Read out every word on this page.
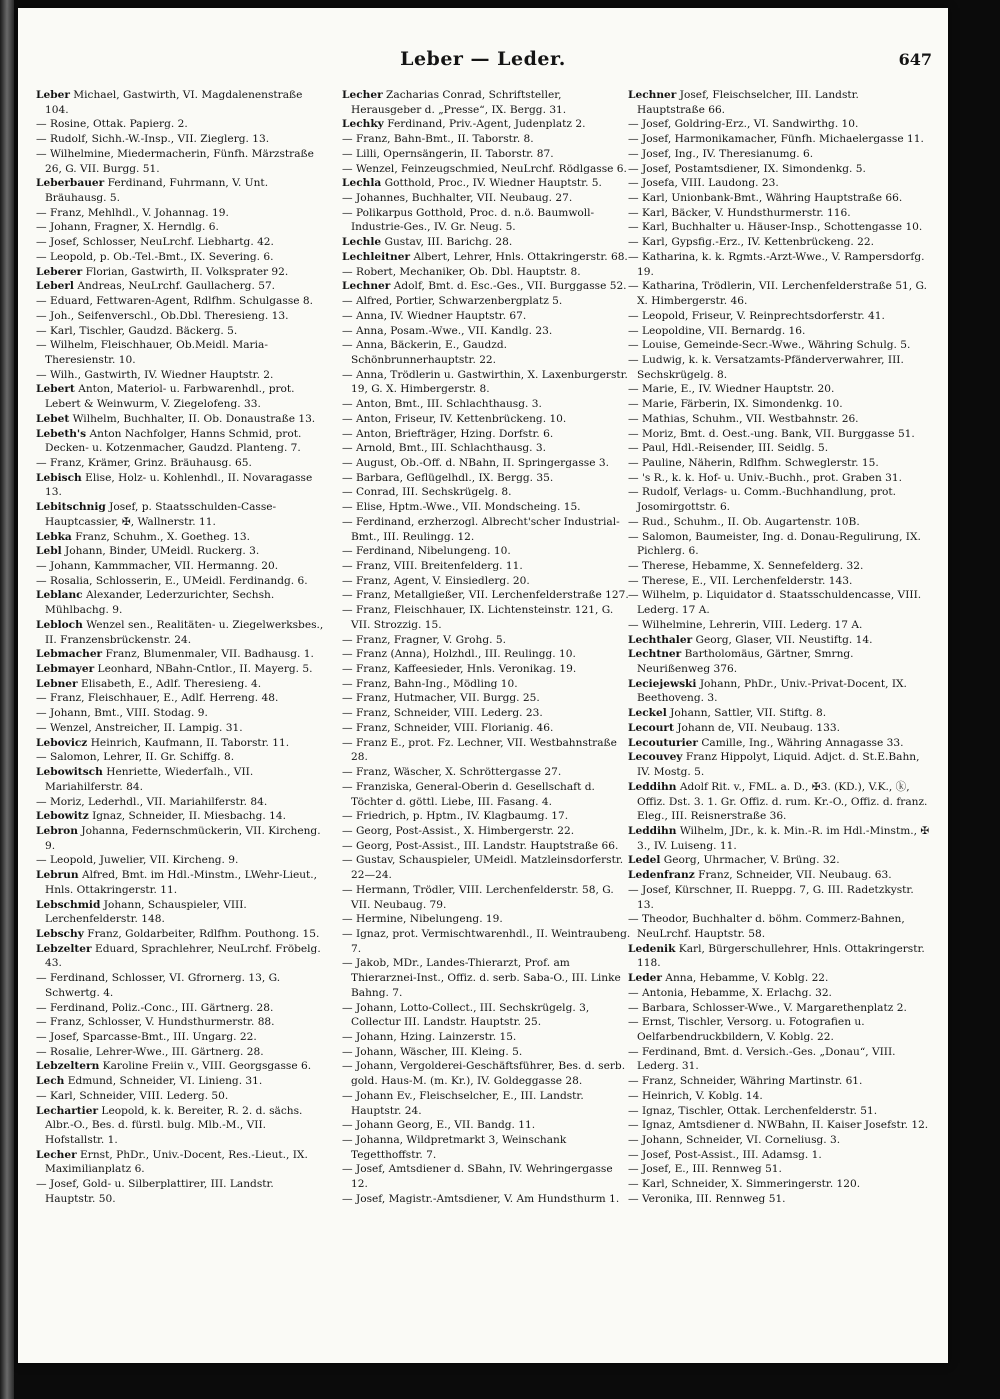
Leber — Leder.	647

Leber Michael, Gastwirth, VI. Magdalenenstraße 104.

— Rosine, Ottak. Papierg. 2.

— Rudolf, Sichh.-W.-Insp., VII. Zieglerg. 13.

— Wilhelmine, Miedermacherin, Fünfh. Märzstraße 26, G. VII. Burgg. 51.

Leberbauer Ferdinand, Fuhrmann, V. Unt. Bräuhausg. 5.

— Franz, Mehlhdl., V. Johannag. 19.

— Johann, Fragner, X. Herndlg. 6.

— Josef, Schlosser, NeuLrchf. Liebhartg. 42.

— Leopold, p. Ob.-Tel.-Bmt., IX. Severing. 6.

Leberer Florian, Gastwirth, II. Volksprater 92.

Leberl Andreas, NeuLrchf. Gaullacherg. 57.

— Eduard, Fettwaren-Agent, Rdlfhm. Schulgasse 8.

— Joh., Seifenverschl., Ob.Dbl. Theresieng. 13.

— Karl, Tischler, Gaudzd. Bäckerg. 5.

— Wilhelm, Fleischhauer, Ob.Meidl. Maria-Theresienstr. 10.

— Wilh., Gastwirth, IV. Wiedner Hauptstr. 2.

Lebert Anton, Materiol- u. Farbwarenhdl., prot. Lebert & Weinwurm, V. Ziegelofeng. 33.

Lebet Wilhelm, Buchhalter, II. Ob. Donaustraße 13.

Lebeth's Anton Nachfolger, Hanns Schmid, prot. Decken- u. Kotzenmacher, Gaudzd. Planteng. 7.

— Franz, Krämer, Grinz. Bräuhausg. 65.

Lebisch Elise, Holz- u. Kohlenhdl., II. Novaragasse 13.

Lebitschnig Josef, p. Staatsschulden-Casse-Hauptcassier, ✠, Wallnerstr. 11.

Lebka Franz, Schuhm., X. Goetheg. 13.

Lebl Johann, Binder, UMeidl. Ruckerg. 3.

— Johann, Kammmacher, VII. Hermanng. 20.

— Rosalia, Schlosserin, E., UMeidl. Ferdinandg. 6.

Leblanc Alexander, Lederzurichter, Sechsh. Mühlbachg. 9.

Lebloch Wenzel sen., Realitäten- u. Ziegelwerksbes., II. Franzensbrückenstr. 24.

Lebmacher Franz, Blumenmaler, VII. Badhausg. 1.

Lebmayer Leonhard, NBahn-Cntlor., II. Mayerg. 5.

Lebner Elisabeth, E., Adlf. Theresieng. 4.

— Franz, Fleischhauer, E., Adlf. Herreng. 48.

— Johann, Bmt., VIII. Stodag. 9.

— Wenzel, Anstreicher, II. Lampig. 31.

Lebovicz Heinrich, Kaufmann, II. Taborstr. 11.

— Salomon, Lehrer, II. Gr. Schiffg. 8.

Lebowitsch Henriette, Wiederfalh., VII. Mariahilferstr. 84.

— Moriz, Lederhdl., VII. Mariahilferstr. 84.

Lebowitz Ignaz, Schneider, II. Miesbachg. 14.

Lebron Johanna, Federnschmückerin, VII. Kircheng. 9.

— Leopold, Juwelier, VII. Kircheng. 9.

Lebrun Alfred, Bmt. im Hdl.-Minstm., LWehr-Lieut., Hnls. Ottakringerstr. 11.

Lebschmid Johann, Schauspieler, VIII. Lerchenfelderstr. 148.

Lebschy Franz, Goldarbeiter, Rdlfhm. Pouthong. 15.

Lebzelter Eduard, Sprachlehrer, NeuLrchf. Fröbelg. 43.

— Ferdinand, Schlosser, VI. Gfrornerg. 13, G. Schwertg. 4.

— Ferdinand, Poliz.-Conc., III. Gärtnerg. 28.

— Franz, Schlosser, V. Hundsthurmerstr. 88.

— Josef, Sparcasse-Bmt., III. Ungarg. 22.

— Rosalie, Lehrer-Wwe., III. Gärtnerg. 28.

Lebzeltern Karoline Freiin v., VIII. Georgsgasse 6.

Lech Edmund, Schneider, VI. Linieng. 31.

— Karl, Schneider, VIII. Lederg. 50.

Lechartier Leopold, k. k. Bereiter, R. 2. d. sächs. Albr.-O., Bes. d. fürstl. bulg. Mlb.-M., VII. Hofstallstr. 1.

Lecher Ernst, PhDr., Univ.-Docent, Res.-Lieut., IX. Maximilianplatz 6.

— Josef, Gold- u. Silberplattirer, III. Landstr. Hauptstr. 50.

Lecher Zacharias Conrad, Schriftsteller, Herausgeber d. „Presse“, IX. Bergg. 31.

Lechky Ferdinand, Priv.-Agent, Judenplatz 2.

— Franz, Bahn-Bmt., II. Taborstr. 8.

— Lilli, Opernsängerin, II. Taborstr. 87.

— Wenzel, Feinzeugschmied, NeuLrchf. Rödlgasse 6.

Lechla Gotthold, Proc., IV. Wiedner Hauptstr. 5.

— Johannes, Buchhalter, VII. Neubaug. 27.

— Polikarpus Gotthold, Proc. d. n.ö. Baumwoll-Industrie-Ges., IV. Gr. Neug. 5.

Lechle Gustav, III. Barichg. 28.

Lechleitner Albert, Lehrer, Hnls. Ottakringerstr. 68.

— Robert, Mechaniker, Ob. Dbl. Hauptstr. 8.

Lechner Adolf, Bmt. d. Esc.-Ges., VII. Burggasse 52.

— Alfred, Portier, Schwarzenbergplatz 5.

— Anna, IV. Wiedner Hauptstr. 67.

— Anna, Posam.-Wwe., VII. Kandlg. 23.

— Anna, Bäckerin, E., Gaudzd. Schönbrunnerhauptstr. 22.

— Anna, Trödlerin u. Gastwirthin, X. Laxenburgerstr. 19, G. X. Himbergerstr. 8.

— Anton, Bmt., III. Schlachthausg. 3.

— Anton, Friseur, IV. Kettenbrückeng. 10.

— Anton, Briefträger, Hzing. Dorfstr. 6.

— Arnold, Bmt., III. Schlachthausg. 3.

— August, Ob.-Off. d. NBahn, II. Springergasse 3.

— Barbara, Geflügelhdl., IX. Bergg. 35.

— Conrad, III. Sechskrügelg. 8.

— Elise, Hptm.-Wwe., VII. Mondscheing. 15.

— Ferdinand, erzherzogl. Albrecht'scher Industrial-Bmt., III. Reulingg. 12.

— Ferdinand, Nibelungeng. 10.

— Franz, VIII. Breitenfelderg. 11.

— Franz, Agent, V. Einsiedlerg. 20.

— Franz, Metallgießer, VII. Lerchenfelderstraße 127.

— Franz, Fleischhauer, IX. Lichtensteinstr. 121, G. VII. Strozzig. 15.

— Franz, Fragner, V. Grohg. 5.

— Franz (Anna), Holzhdl., III. Reulingg. 10.

— Franz, Kaffeesieder, Hnls. Veronikag. 19.

— Franz, Bahn-Ing., Mödling 10.

— Franz, Hutmacher, VII. Burgg. 25.

— Franz, Schneider, VIII. Lederg. 23.

— Franz, Schneider, VIII. Florianig. 46.

— Franz E., prot. Fz. Lechner, VII. Westbahnstraße 28.

— Franz, Wäscher, X. Schröttergasse 27.

— Franziska, General-Oberin d. Gesellschaft d. Töchter d. göttl. Liebe, III. Fasang. 4.

— Friedrich, p. Hptm., IV. Klagbaumg. 17.

— Georg, Post-Assist., X. Himbergerstr. 22.

— Georg, Post-Assist., III. Landstr. Hauptstraße 66.

— Gustav, Schauspieler, UMeidl. Matzleinsdorferstr. 22—24.

— Hermann, Trödler, VIII. Lerchenfelderstr. 58, G. VII. Neubaug. 79.

— Hermine, Nibelungeng. 19.

— Ignaz, prot. Vermischtwarenhdl., II. Weintraubeng. 7.

— Jakob, MDr., Landes-Thierarzt, Prof. am Thierarznei-Inst., Offiz. d. serb. Saba-O., III. Linke Bahng. 7.

— Johann, Lotto-Collect., III. Sechskrügelg. 3, Collectur III. Landstr. Hauptstr. 25.

— Johann, Hzing. Lainzerstr. 15.

— Johann, Wäscher, III. Kleing. 5.

— Johann, Vergolderei-Geschäftsführer, Bes. d. serb. gold. Haus-M. (m. Kr.), IV. Goldeggasse 28.

— Johann Ev., Fleischselcher, E., III. Landstr. Hauptstr. 24.

— Johann Georg, E., VII. Bandg. 11.

— Johanna, Wildpretmarkt 3, Weinschank Tegetthoffstr. 7.

— Josef, Amtsdiener d. SBahn, IV. Wehringergasse 12.

— Josef, Magistr.-Amtsdiener, V. Am Hundsthurm 1.

Lechner Josef, Fleischselcher, III. Landstr. Hauptstraße 66.

— Josef, Goldring-Erz., VI. Sandwirthg. 10.

— Josef, Harmonikamacher, Fünfh. Michaelergasse 11.

— Josef, Ing., IV. Theresianumg. 6.

— Josef, Postamtsdiener, IX. Simondenkg. 5.

— Josefa, VIII. Laudong. 23.

— Karl, Unionbank-Bmt., Währing Hauptstraße 66.

— Karl, Bäcker, V. Hundsthurmerstr. 116.

— Karl, Buchhalter u. Häuser-Insp., Schottengasse 10.

— Karl, Gypsfig.-Erz., IV. Kettenbrückeng. 22.

— Katharina, k. k. Rgmts.-Arzt-Wwe., V. Rampersdorfg. 19.

— Katharina, Trödlerin, VII. Lerchenfelderstraße 51, G. X. Himbergerstr. 46.

— Leopold, Friseur, V. Reinprechtsdorferstr. 41.

— Leopoldine, VII. Bernardg. 16.

— Louise, Gemeinde-Secr.-Wwe., Währing Schulg. 5.

— Ludwig, k. k. Versatzamts-Pfänderverwahrer, III. Sechskrügelg. 8.

— Marie, E., IV. Wiedner Hauptstr. 20.

— Marie, Färberin, IX. Simondenkg. 10.

— Mathias, Schuhm., VII. Westbahnstr. 26.

— Moriz, Bmt. d. Oest.-ung. Bank, VII. Burggasse 51.

— Paul, Hdl.-Reisender, III. Seidlg. 5.

— Pauline, Näherin, Rdlfhm. Schweglerstr. 15.

— 's R., k. k. Hof- u. Univ.-Buchh., prot. Graben 31.

— Rudolf, Verlags- u. Comm.-Buchhandlung, prot. Josomirgottstr. 6.

— Rud., Schuhm., II. Ob. Augartenstr. 10B.

— Salomon, Baumeister, Ing. d. Donau-Regulirung, IX. Pichlerg. 6.

— Therese, Hebamme, X. Sennefelderg. 32.

— Therese, E., VII. Lerchenfelderstr. 143.

— Wilhelm, p. Liquidator d. Staatsschuldencasse, VIII. Lederg. 17 A.

— Wilhelmine, Lehrerin, VIII. Lederg. 17 A.

Lechthaler Georg, Glaser, VII. Neustiftg. 14.

Lechtner Bartholomäus, Gärtner, Smrng. Neurißenweg 376.

Leciejewski Johann, PhDr., Univ.-Privat-Docent, IX. Beethoveng. 3.

Leckel Johann, Sattler, VII. Stiftg. 8.

Lecourt Johann de, VII. Neubaug. 133.

Lecouturier Camille, Ing., Währing Annagasse 33.

Lecouvey Franz Hippolyt, Liquid. Adjct. d. St.E.Bahn, IV. Mostg. 5.

Leddihn Adolf Rit. v., FML. a. D., ✠3. (KD.), V.K., ⓚ, Offiz. Dst. 3. 1. Gr. Offiz. d. rum. Kr.-O., Offiz. d. franz. Eleg., III. Reisnerstraße 36.

Leddihn Wilhelm, JDr., k. k. Min.-R. im Hdl.-Minstm., ✠ 3., IV. Luiseng. 11.

Ledel Georg, Uhrmacher, V. Brüng. 32.

Ledenfranz Franz, Schneider, VII. Neubaug. 63.

— Josef, Kürschner, II. Rueppg. 7, G. III. Radetzkystr. 13.

— Theodor, Buchhalter d. böhm. Commerz-Bahnen, NeuLrchf. Hauptstr. 58.

Ledenik Karl, Bürgerschullehrer, Hnls. Ottakringerstr. 118.

Leder Anna, Hebamme, V. Koblg. 22.

— Antonia, Hebamme, X. Erlachg. 32.

— Barbara, Schlosser-Wwe., V. Margarethenplatz 2.

— Ernst, Tischler, Versorg. u. Fotografien u. Oelfarbendruckbildern, V. Koblg. 22.

— Ferdinand, Bmt. d. Versich.-Ges. „Donau“, VIII. Lederg. 31.

— Franz, Schneider, Währing Martinstr. 61.

— Heinrich, V. Koblg. 14.

— Ignaz, Tischler, Ottak. Lerchenfelderstr. 51.

— Ignaz, Amtsdiener d. NWBahn, II. Kaiser Josefstr. 12.

— Johann, Schneider, VI. Corneliusg. 3.

— Josef, Post-Assist., III. Adamsg. 1.

— Josef, E., III. Rennweg 51.

— Karl, Schneider, X. Simmeringerstr. 120.

— Veronika, III. Rennweg 51.
